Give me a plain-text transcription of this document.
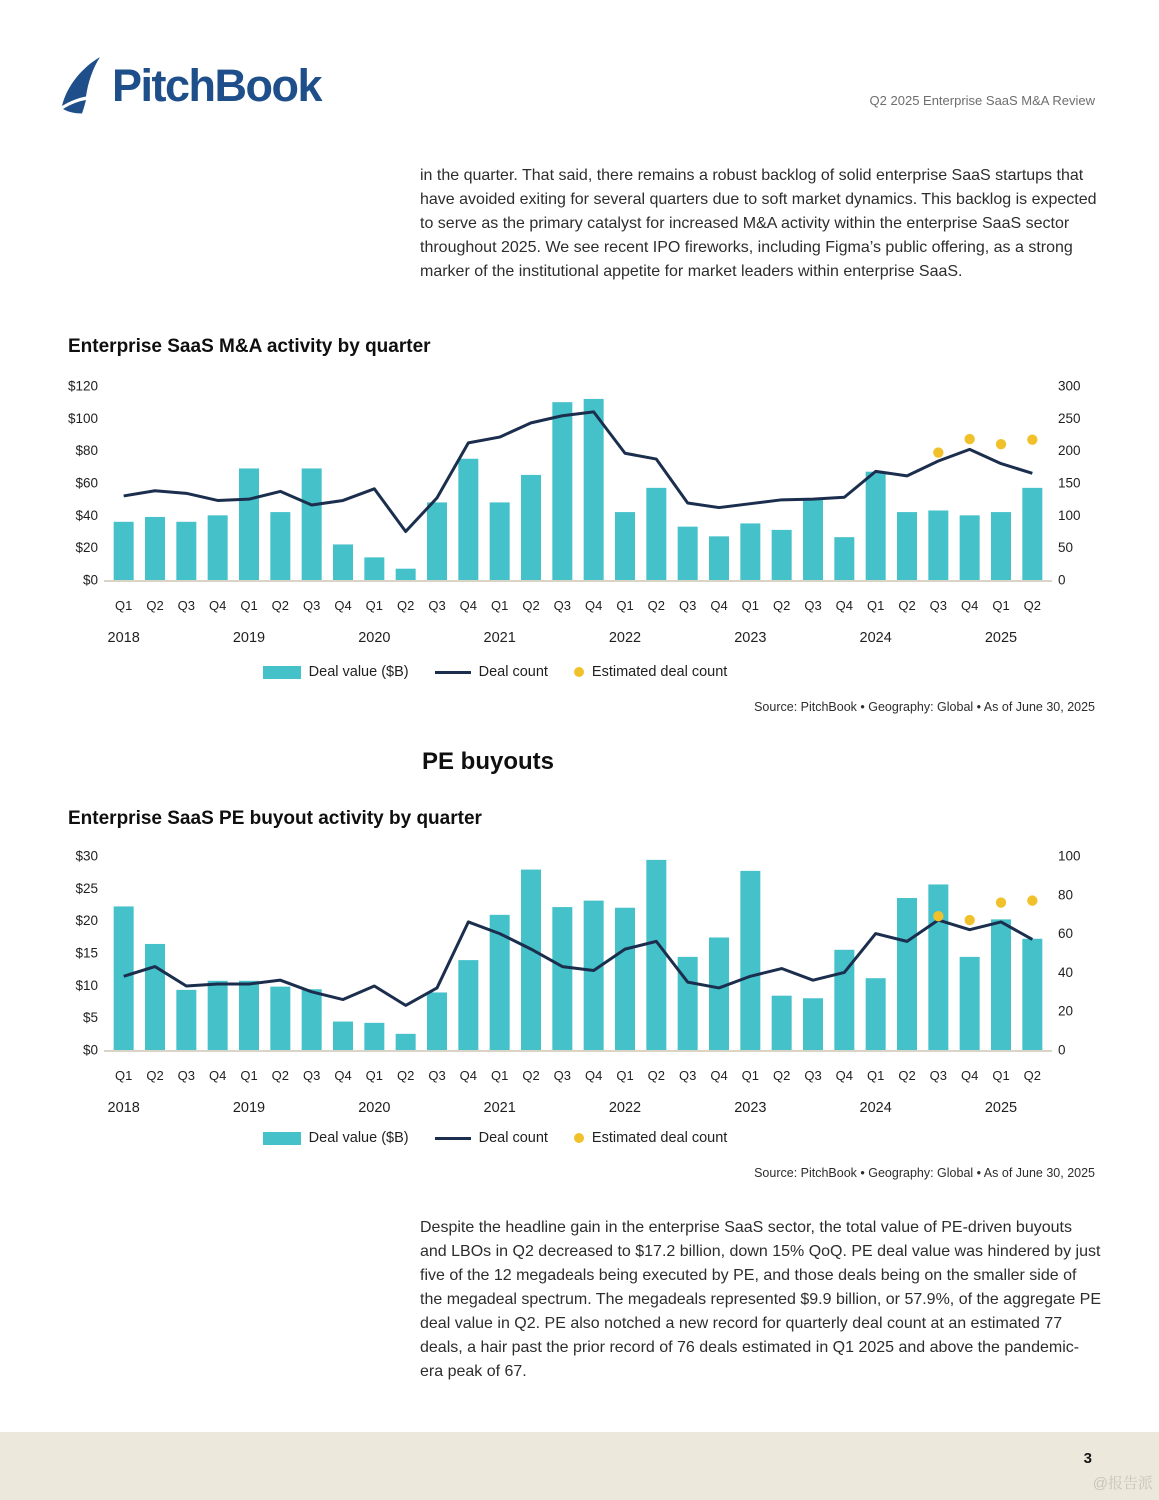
PitchBook	Q2 2025 Enterprise SaaS M&A Review
in the quarter. That said, there remains a robust backlog of solid enterprise SaaS startups that have avoided exiting for several quarters due to soft market dynamics. This backlog is expected to serve as the primary catalyst for increased M&A activity within the enterprise SaaS sector throughout 2025. We see recent IPO fireworks, including Figma’s public offering, as a strong marker of the institutional appetite for market leaders within enterprise SaaS.
Enterprise SaaS M&A activity by quarter
$120
$100
$80
$60
$40
$20
$0
300
250
200
150
100
50
0
Q1 Q2 Q3 Q4 Q1 Q2 Q3 Q4 Q1 Q2 Q3 Q4 Q1 Q2 Q3 Q4 Q1 Q2 Q3 Q4 Q1 Q2 Q3 Q4 Q1 Q2 Q3 Q4 Q1 Q2
2018	2019	2020	2021	2022	2023	2024	2025
Deal value ($B)	Deal count	Estimated deal count
Source: PitchBook • Geography: Global • As of June 30, 2025
PE buyouts
Enterprise SaaS PE buyout activity by quarter
$30
$25
$20
$15
$10
$5
$0
100
80
60
40
20
0
Q1 Q2 Q3 Q4 Q1 Q2 Q3 Q4 Q1 Q2 Q3 Q4 Q1 Q2 Q3 Q4 Q1 Q2 Q3 Q4 Q1 Q2 Q3 Q4 Q1 Q2 Q3 Q4 Q1 Q2
2018	2019	2020	2021	2022	2023	2024	2025
Deal value ($B)	Deal count	Estimated deal count
Source: PitchBook • Geography: Global • As of June 30, 2025
Despite the headline gain in the enterprise SaaS sector, the total value of PE-driven buyouts and LBOs in Q2 decreased to $17.2 billion, down 15% QoQ. PE deal value was hindered by just five of the 12 megadeals being executed by PE, and those deals being on the smaller side of the megadeal spectrum. The megadeals represented $9.9 billion, or 57.9%, of the aggregate PE deal value in Q2. PE also notched a new record for quarterly deal count at an estimated 77 deals, a hair past the prior record of 76 deals estimated in Q1 2025 and above the pandemic-era peak of 67.
3
@报告派
